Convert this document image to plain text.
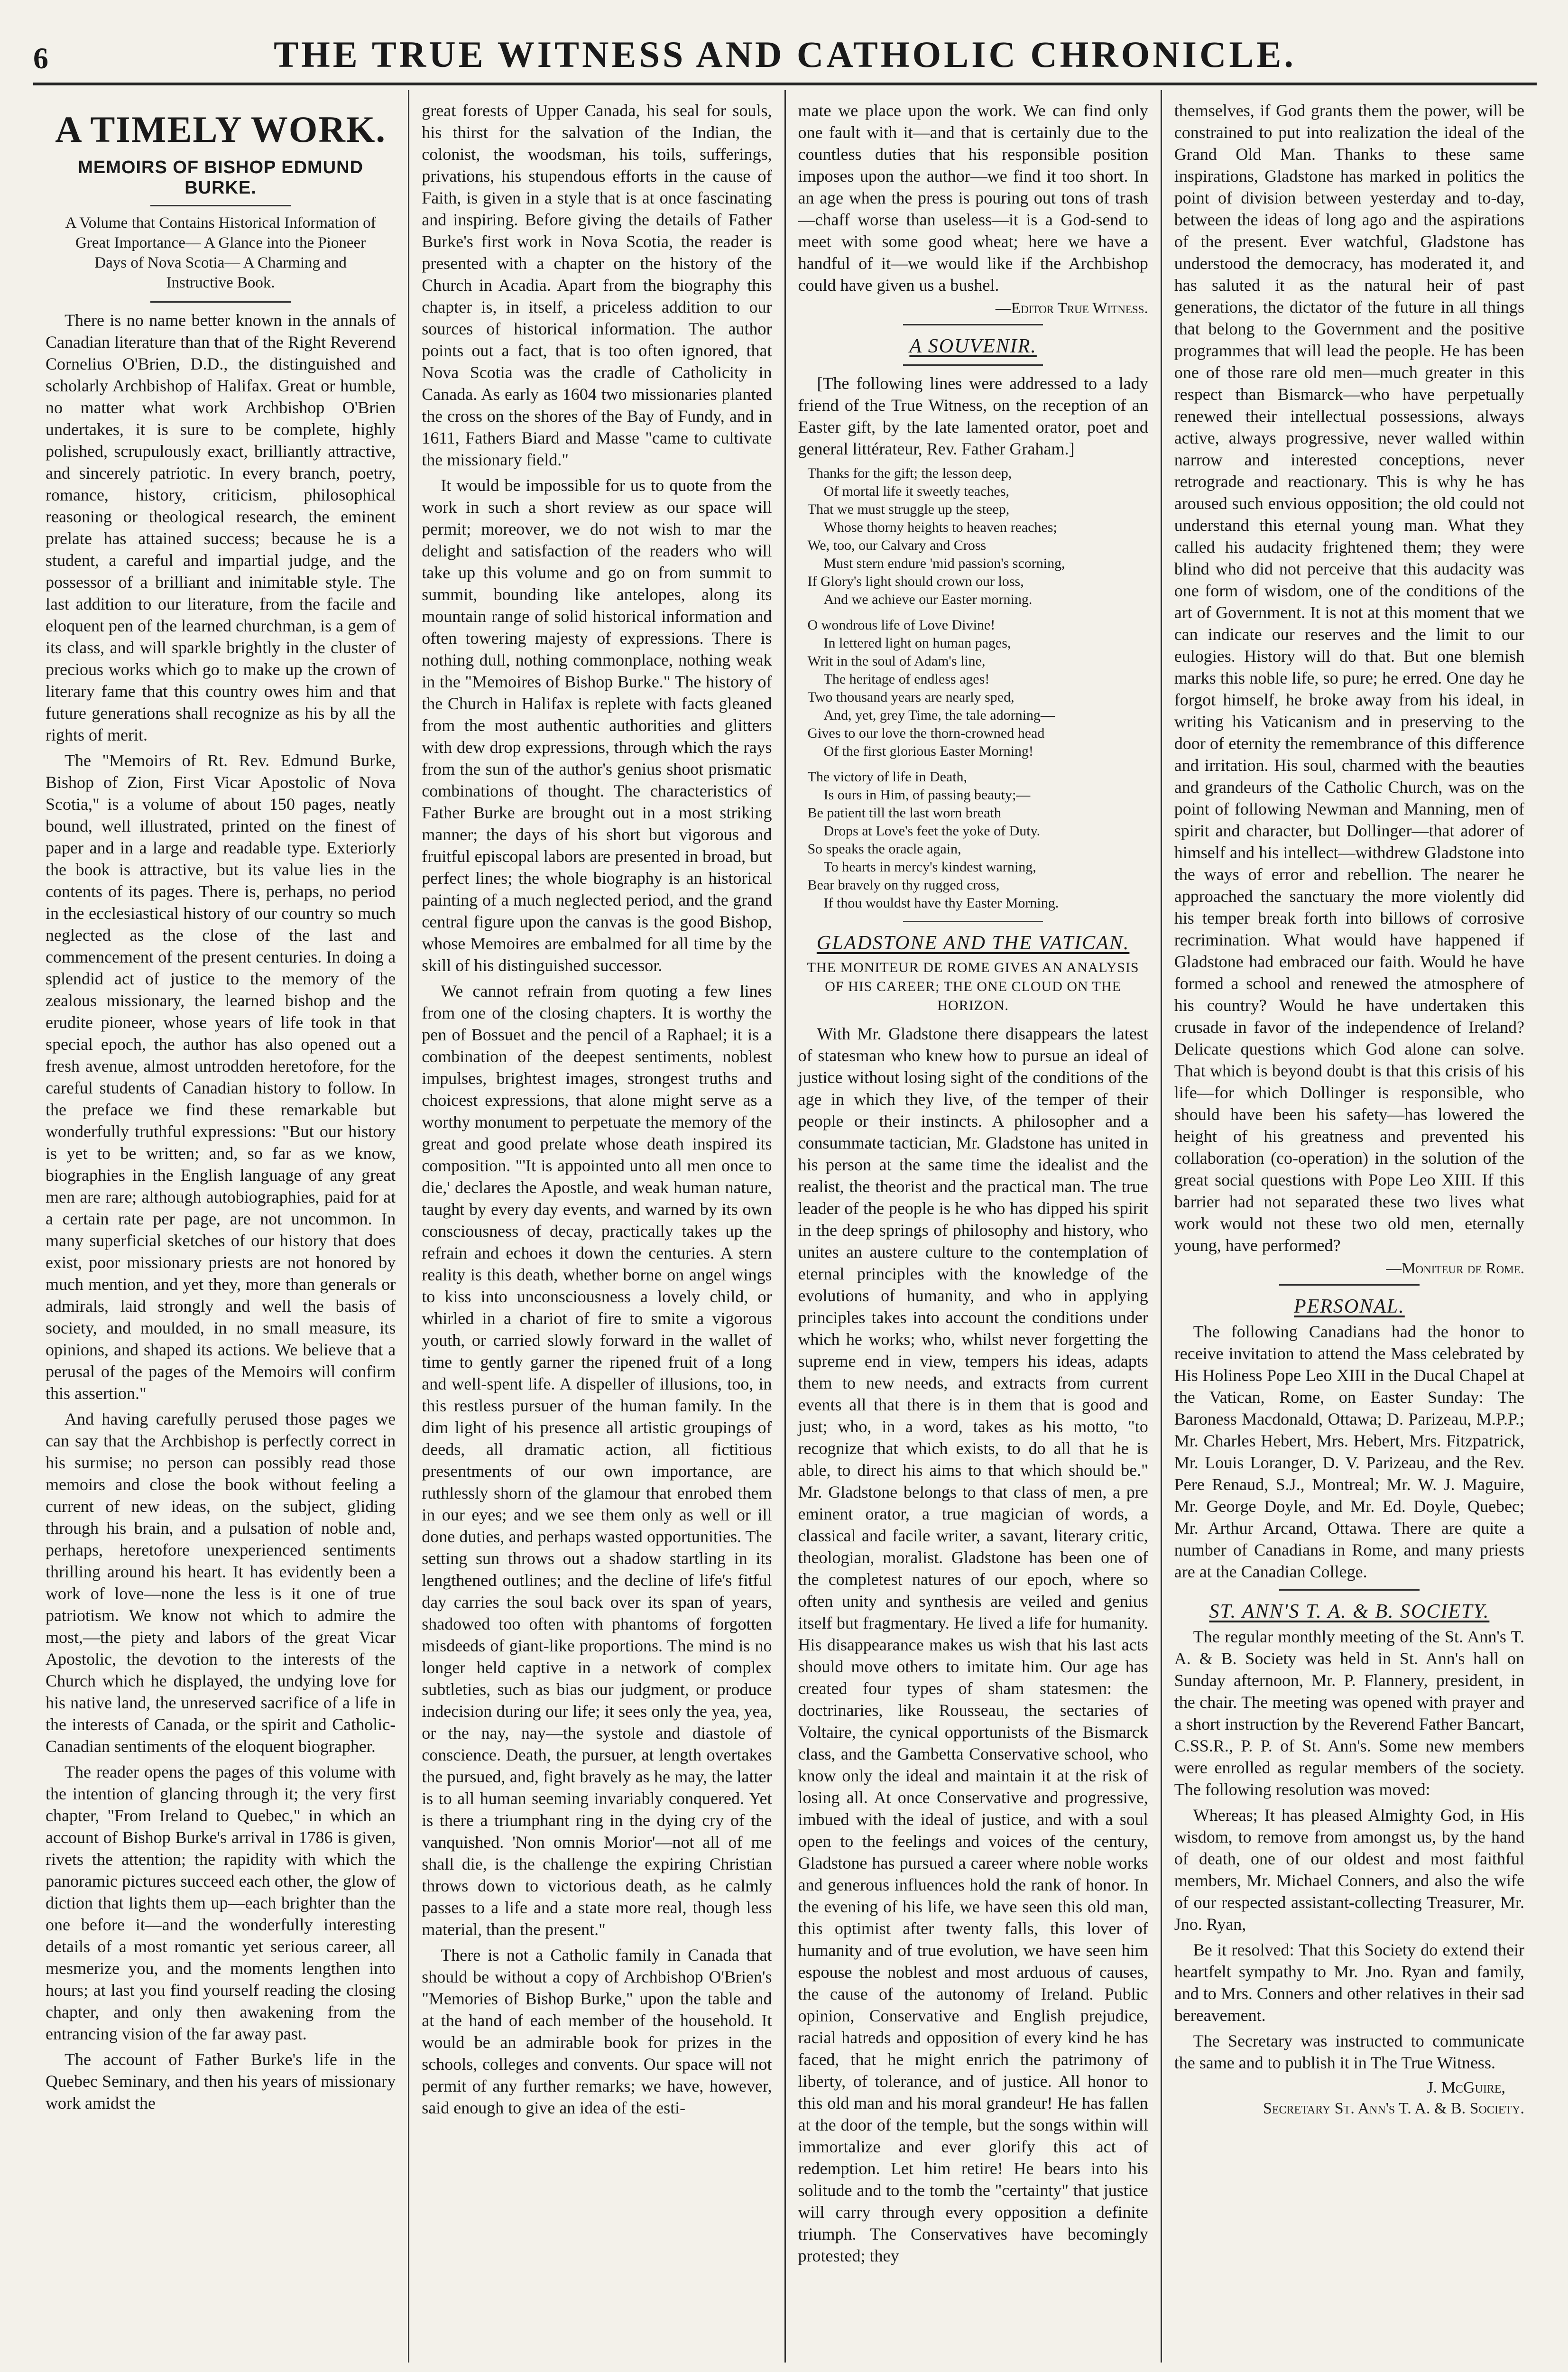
6	THE TRUE WITNESS AND CATHOLIC CHRONICLE.
A TIMELY WORK.
MEMOIRS OF BISHOP EDMUND BURKE.
A Volume that Contains Historical Information of Great Importance— A Glance into the Pioneer Days of Nova Scotia— A Charming and Instructive Book.

There is no name better known in the annals of Canadian literature than that of the Right Reverend Cornelius O'Brien, D.D., the distinguished and scholarly Archbishop of Halifax. Great or humble, no matter what work Archbishop O'Brien undertakes, it is sure to be complete, highly polished, scrupulously exact, brilliantly attractive, and sincerely patriotic. In every branch, poetry, romance, history, criticism, philosophical reasoning or theological research, the eminent prelate has attained success; because he is a student, a careful and impartial judge, and the possessor of a brilliant and inimitable style. The last addition to our literature, from the facile and eloquent pen of the learned churchman, is a gem of its class, and will sparkle brightly in the cluster of precious works which go to make up the crown of literary fame that this country owes him and that future generations shall recognize as his by all the rights of merit.

The "Memoirs of Rt. Rev. Edmund Burke, Bishop of Zion, First Vicar Apostolic of Nova Scotia," is a volume of about 150 pages, neatly bound, well illustrated, printed on the finest of paper and in a large and readable type. Exteriorly the book is attractive, but its value lies in the contents of its pages. There is, perhaps, no period in the ecclesiastical history of our country so much neglected as the close of the last and commencement of the present centuries. In doing a splendid act of justice to the memory of the zealous missionary, the learned bishop and the erudite pioneer, whose years of life took in that special epoch, the author has also opened out a fresh avenue, almost untrodden heretofore, for the careful students of Canadian history to follow. In the preface we find these remarkable but wonderfully truthful expressions: "But our history is yet to be written; and, so far as we know, biographies in the English language of any great men are rare; although autobiographies, paid for at a certain rate per page, are not uncommon. In many superficial sketches of our history that does exist, poor missionary priests are not honored by much mention, and yet they, more than generals or admirals, laid strongly and well the basis of society, and moulded, in no small measure, its opinions, and shaped its actions. We believe that a perusal of the pages of the Memoirs will confirm this assertion."

And having carefully perused those pages we can say that the Archbishop is perfectly correct in his surmise; no person can possibly read those memoirs and close the book without feeling a current of new ideas, on the subject, gliding through his brain, and a pulsation of noble and, perhaps, heretofore unexperienced sentiments thrilling around his heart. It has evidently been a work of love—none the less is it one of true patriotism. We know not which to admire the most,—the piety and labors of the great Vicar Apostolic, the devotion to the interests of the Church which he displayed, the undying love for his native land, the unreserved sacrifice of a life in the interests of Canada, or the spirit and Catholic-Canadian sentiments of the eloquent biographer.

The reader opens the pages of this volume with the intention of glancing through it; the very first chapter, "From Ireland to Quebec," in which an account of Bishop Burke's arrival in 1786 is given, rivets the attention; the rapidity with which the panoramic pictures succeed each other, the glow of diction that lights them up—each brighter than the one before it—and the wonderfully interesting details of a most romantic yet serious career, all mesmerize you, and the moments lengthen into hours; at last you find yourself reading the closing chapter, and only then awakening from the entrancing vision of the far away past.

The account of Father Burke's life in the Quebec Seminary, and then his years of missionary work amidst the

great forests of Upper Canada, his seal for souls, his thirst for the salvation of the Indian, the colonist, the woodsman, his toils, sufferings, privations, his stupendous efforts in the cause of Faith, is given in a style that is at once fascinating and inspiring. Before giving the details of Father Burke's first work in Nova Scotia, the reader is presented with a chapter on the history of the Church in Acadia. Apart from the biography this chapter is, in itself, a priceless addition to our sources of historical information. The author points out a fact, that is too often ignored, that Nova Scotia was the cradle of Catholicity in Canada. As early as 1604 two missionaries planted the cross on the shores of the Bay of Fundy, and in 1611, Fathers Biard and Masse "came to cultivate the missionary field."

It would be impossible for us to quote from the work in such a short review as our space will permit; moreover, we do not wish to mar the delight and satisfaction of the readers who will take up this volume and go on from summit to summit, bounding like antelopes, along its mountain range of solid historical information and often towering majesty of expressions. There is nothing dull, nothing commonplace, nothing weak in the "Memoires of Bishop Burke." The history of the Church in Halifax is replete with facts gleaned from the most authentic authorities and glitters with dew drop expressions, through which the rays from the sun of the author's genius shoot prismatic combinations of thought. The characteristics of Father Burke are brought out in a most striking manner; the days of his short but vigorous and fruitful episcopal labors are presented in broad, but perfect lines; the whole biography is an historical painting of a much neglected period, and the grand central figure upon the canvas is the good Bishop, whose Memoires are embalmed for all time by the skill of his distinguished successor.

We cannot refrain from quoting a few lines from one of the closing chapters. It is worthy the pen of Bossuet and the pencil of a Raphael; it is a combination of the deepest sentiments, noblest impulses, brightest images, strongest truths and choicest expressions, that alone might serve as a worthy monument to perpetuate the memory of the great and good prelate whose death inspired its composition. "'It is appointed unto all men once to die,' declares the Apostle, and weak human nature, taught by every day events, and warned by its own consciousness of decay, practically takes up the refrain and echoes it down the centuries. A stern reality is this death, whether borne on angel wings to kiss into unconsciousness a lovely child, or whirled in a chariot of fire to smite a vigorous youth, or carried slowly forward in the wallet of time to gently garner the ripened fruit of a long and well-spent life. A dispeller of illusions, too, in this restless pursuer of the human family. In the dim light of his presence all artistic groupings of deeds, all dramatic action, all fictitious presentments of our own importance, are ruthlessly shorn of the glamour that enrobed them in our eyes; and we see them only as well or ill done duties, and perhaps wasted opportunities. The setting sun throws out a shadow startling in its lengthened outlines; and the decline of life's fitful day carries the soul back over its span of years, shadowed too often with phantoms of forgotten misdeeds of giant-like proportions. The mind is no longer held captive in a network of complex subtleties, such as bias our judgment, or produce indecision during our life; it sees only the yea, yea, or the nay, nay—the systole and diastole of conscience. Death, the pursuer, at length overtakes the pursued, and, fight bravely as he may, the latter is to all human seeming invariably conquered. Yet is there a triumphant ring in the dying cry of the vanquished. 'Non omnis Morior'—not all of me shall die, is the challenge the expiring Christian throws down to victorious death, as he calmly passes to a life and a state more real, though less material, than the present."

There is not a Catholic family in Canada that should be without a copy of Archbishop O'Brien's "Memories of Bishop Burke," upon the table and at the hand of each member of the household. It would be an admirable book for prizes in the schools, colleges and convents. Our space will not permit of any further remarks; we have, however, said enough to give an idea of the esti-

mate we place upon the work. We can find only one fault with it—and that is certainly due to the countless duties that his responsible position imposes upon the author—we find it too short. In an age when the press is pouring out tons of trash—chaff worse than useless—it is a God-send to meet with some good wheat; here we have a handful of it—we would like if the Archbishop could have given us a bushel.

—Editor True Witness.
A SOUVENIR.

[The following lines were addressed to a lady friend of the True Witness, on the reception of an Easter gift, by the late lamented orator, poet and general littérateur, Rev. Father Graham.]

Thanks for the gift; the lesson deep,
Of mortal life it sweetly teaches,
That we must struggle up the steep,
Whose thorny heights to heaven reaches;
We, too, our Calvary and Cross
Must stern endure 'mid passion's scorning,
If Glory's light should crown our loss,
And we achieve our Easter morning.
O wondrous life of Love Divine!
In lettered light on human pages,
Writ in the soul of Adam's line,
The heritage of endless ages!
Two thousand years are nearly sped,
And, yet, grey Time, the tale adorning—
Gives to our love the thorn-crowned head
Of the first glorious Easter Morning!
The victory of life in Death,
Is ours in Him, of passing beauty;—
Be patient till the last worn breath
Drops at Love's feet the yoke of Duty.
So speaks the oracle again,
To hearts in mercy's kindest warning,
Bear bravely on thy rugged cross,
If thou wouldst have thy Easter Morning.
GLADSTONE AND THE VATICAN.
THE MONITEUR DE ROME GIVES AN ANALYSIS OF HIS CAREER; THE ONE CLOUD ON THE HORIZON.

With Mr. Gladstone there disappears the latest of statesman who knew how to pursue an ideal of justice without losing sight of the conditions of the age in which they live, of the temper of their people or their instincts. A philosopher and a consummate tactician, Mr. Gladstone has united in his person at the same time the idealist and the realist, the theorist and the practical man. The true leader of the people is he who has dipped his spirit in the deep springs of philosophy and history, who unites an austere culture to the contemplation of eternal principles with the knowledge of the evolutions of humanity, and who in applying principles takes into account the conditions under which he works; who, whilst never forgetting the supreme end in view, tempers his ideas, adapts them to new needs, and extracts from current events all that there is in them that is good and just; who, in a word, takes as his motto, "to recognize that which exists, to do all that he is able, to direct his aims to that which should be." Mr. Gladstone belongs to that class of men, a pre eminent orator, a true magician of words, a classical and facile writer, a savant, literary critic, theologian, moralist. Gladstone has been one of the completest natures of our epoch, where so often unity and synthesis are veiled and genius itself but fragmentary. He lived a life for humanity. His disappearance makes us wish that his last acts should move others to imitate him. Our age has created four types of sham statesmen: the doctrinaries, like Rousseau, the sectaries of Voltaire, the cynical opportunists of the Bismarck class, and the Gambetta Conservative school, who know only the ideal and maintain it at the risk of losing all. At once Conservative and progressive, imbued with the ideal of justice, and with a soul open to the feelings and voices of the century, Gladstone has pursued a career where noble works and generous influences hold the rank of honor. In the evening of his life, we have seen this old man, this optimist after twenty falls, this lover of humanity and of true evolution, we have seen him espouse the noblest and most arduous of causes, the cause of the autonomy of Ireland. Public opinion, Conservative and English prejudice, racial hatreds and opposition of every kind he has faced, that he might enrich the patrimony of liberty, of tolerance, and of justice. All honor to this old man and his moral grandeur! He has fallen at the door of the temple, but the songs within will immortalize and ever glorify this act of redemption. Let him retire! He bears into his solitude and to the tomb the "certainty" that justice will carry through every opposition a definite triumph. The Conservatives have becomingly protested; they

themselves, if God grants them the power, will be constrained to put into realization the ideal of the Grand Old Man. Thanks to these same inspirations, Gladstone has marked in politics the point of division between yesterday and to-day, between the ideas of long ago and the aspirations of the present. Ever watchful, Gladstone has understood the democracy, has moderated it, and has saluted it as the natural heir of past generations, the dictator of the future in all things that belong to the Government and the positive programmes that will lead the people. He has been one of those rare old men—much greater in this respect than Bismarck—who have perpetually renewed their intellectual possessions, always active, always progressive, never walled within narrow and interested conceptions, never retrograde and reactionary. This is why he has aroused such envious opposition; the old could not understand this eternal young man. What they called his audacity frightened them; they were blind who did not perceive that this audacity was one form of wisdom, one of the conditions of the art of Government. It is not at this moment that we can indicate our reserves and the limit to our eulogies. History will do that. But one blemish marks this noble life, so pure; he erred. One day he forgot himself, he broke away from his ideal, in writing his Vaticanism and in preserving to the door of eternity the remembrance of this difference and irritation. His soul, charmed with the beauties and grandeurs of the Catholic Church, was on the point of following Newman and Manning, men of spirit and character, but Dollinger—that adorer of himself and his intellect—withdrew Gladstone into the ways of error and rebellion. The nearer he approached the sanctuary the more violently did his temper break forth into billows of corrosive recrimination. What would have happened if Gladstone had embraced our faith. Would he have formed a school and renewed the atmosphere of his country? Would he have undertaken this crusade in favor of the independence of Ireland? Delicate questions which God alone can solve. That which is beyond doubt is that this crisis of his life—for which Dollinger is responsible, who should have been his safety—has lowered the height of his greatness and prevented his collaboration (co-operation) in the solution of the great social questions with Pope Leo XIII. If this barrier had not separated these two lives what work would not these two old men, eternally young, have performed?

—Moniteur de Rome.
PERSONAL.

The following Canadians had the honor to receive invitation to attend the Mass celebrated by His Holiness Pope Leo XIII in the Ducal Chapel at the Vatican, Rome, on Easter Sunday: The Baroness Macdonald, Ottawa; D. Parizeau, M.P.P.; Mr. Charles Hebert, Mrs. Hebert, Mrs. Fitzpatrick, Mr. Louis Loranger, D. V. Parizeau, and the Rev. Pere Renaud, S.J., Montreal; Mr. W. J. Maguire, Mr. George Doyle, and Mr. Ed. Doyle, Quebec; Mr. Arthur Arcand, Ottawa. There are quite a number of Canadians in Rome, and many priests are at the Canadian College.

ST. ANN'S T. A. & B. SOCIETY.

The regular monthly meeting of the St. Ann's T. A. & B. Society was held in St. Ann's hall on Sunday afternoon, Mr. P. Flannery, president, in the chair. The meeting was opened with prayer and a short instruction by the Reverend Father Bancart, C.SS.R., P. P. of St. Ann's. Some new members were enrolled as regular members of the society. The following resolution was moved:

Whereas; It has pleased Almighty God, in His wisdom, to remove from amongst us, by the hand of death, one of our oldest and most faithful members, Mr. Michael Conners, and also the wife of our respected assistant-collecting Treasurer, Mr. Jno. Ryan,

Be it resolved: That this Society do extend their heartfelt sympathy to Mr. Jno. Ryan and family, and to Mrs. Conners and other relatives in their sad bereavement.

The Secretary was instructed to communicate the same and to publish it in The True Witness.

J. McGuire,
Secretary St. Ann's T. A. & B. Society.
